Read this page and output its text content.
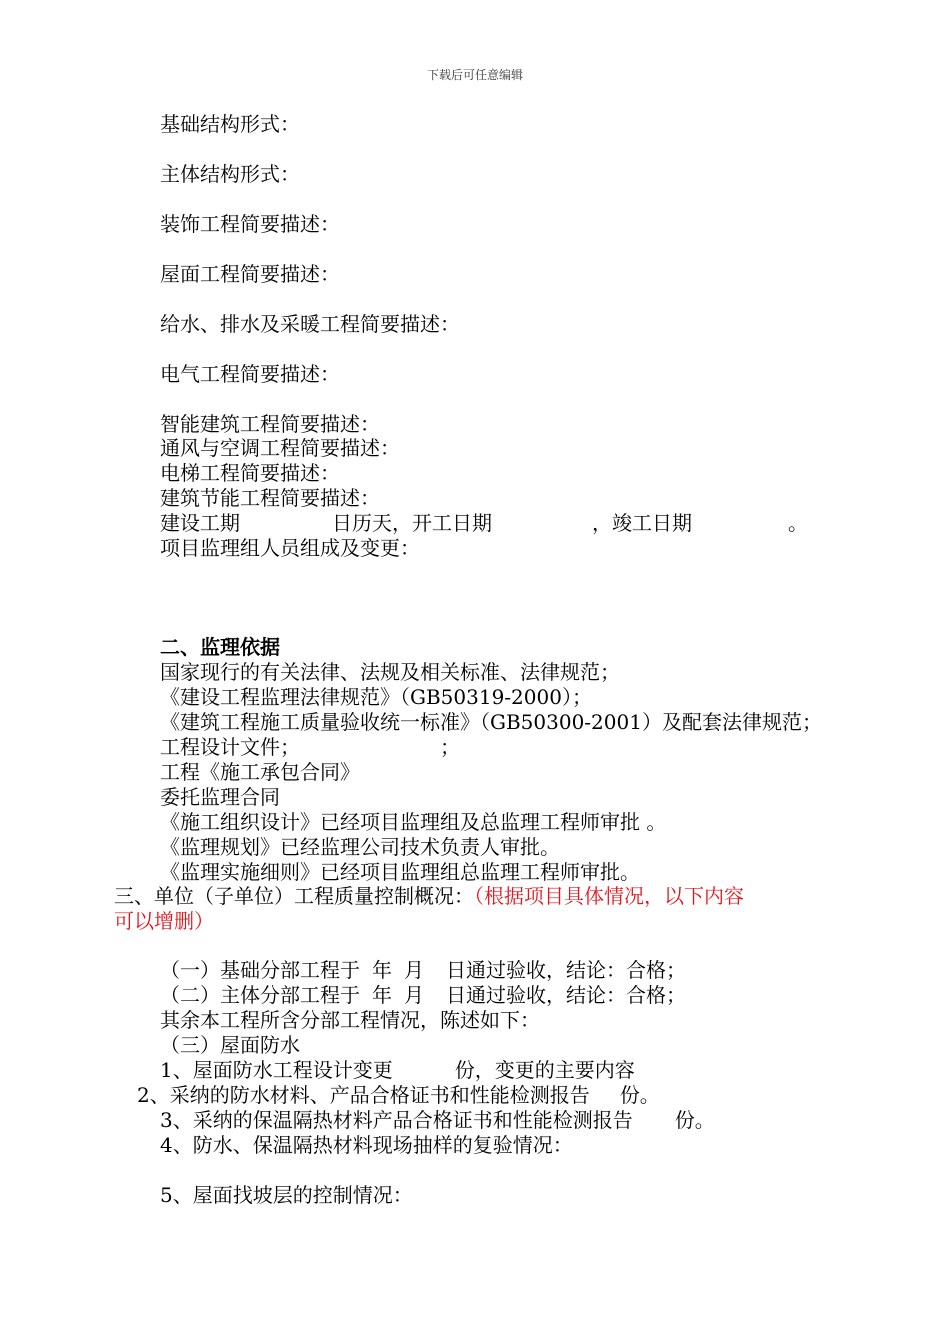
下载后可任意编辑
基础结构形式：
主体结构形式：
装饰工程简要描述：
屋面工程简要描述：
给水、排水及采暖工程简要描述：
电气工程简要描述：
智能建筑工程简要描述：
通风与空调工程简要描述：
电梯工程简要描述：
建筑节能工程简要描述：
建设工期	日历天，开工日期	，竣工日期	。
项目监理组人员组成及变更：
二、监理依据
国家现行的有关法律、法规及相关标准、法律规范；
《建设工程监理法律规范》（GB50319-2000）；
《建筑工程施工质量验收统一标准》（GB50300-2001）及配套法律规范；
工程设计文件；	；
工程《施工承包合同》
委托监理合同
《施工组织设计》已经项目监理组及总监理工程师审批 。
《监理规划》已经监理公司技术负责人审批。
《监理实施细则》已经项目监理组总监理工程师审批。
三、单位（子单位）工程质量控制概况：（根据项目具体情况，以下内容
可以增删）
（一）基础分部工程于 年 月 日通过验收，结论：合格；
（二）主体分部工程于 年 月 日通过验收，结论：合格；
其余本工程所含分部工程情况，陈述如下：
（三）屋面防水
1、屋面防水工程设计变更	份，变更的主要内容
2、采纳的防水材料、产品合格证书和性能检测报告 份。
3、采纳的保温隔热材料产品合格证书和性能检测报告 份。
4、防水、保温隔热材料现场抽样的复验情况：
5、屋面找坡层的控制情况：
